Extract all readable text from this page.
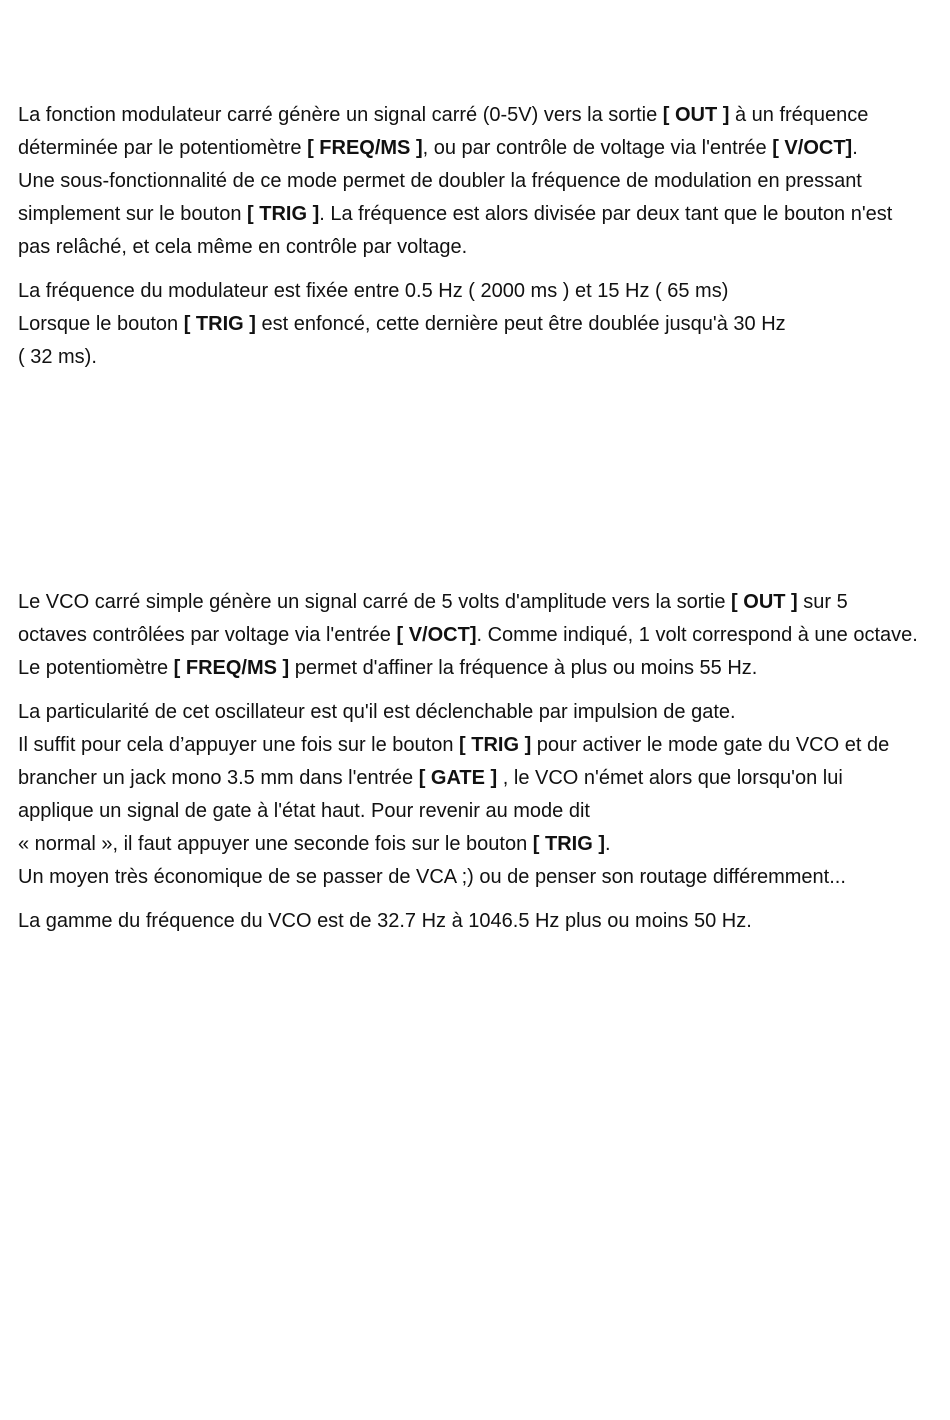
La fonction modulateur carré génère un signal carré (0-5V) vers la sortie [ OUT ] à un fréquence déterminée par le potentiomètre [ FREQ/MS ], ou par contrôle de voltage via l'entrée [ V/OCT].
Une sous-fonctionnalité de ce mode permet de doubler la fréquence de modulation en pressant simplement sur le bouton [ TRIG ]. La fréquence est alors divisée par deux tant que le bouton n'est pas relâché, et cela même en contrôle par voltage.

La fréquence du modulateur est fixée entre 0.5 Hz ( 2000 ms ) et 15 Hz ( 65 ms)
Lorsque le bouton [ TRIG ] est enfoncé, cette dernière peut être doublée jusqu'à 30 Hz
( 32 ms).

Le VCO carré simple génère un signal carré de 5 volts d'amplitude vers la sortie [ OUT ] sur 5 octaves contrôlées par voltage via l'entrée [ V/OCT]. Comme indiqué, 1 volt correspond à une octave. Le potentiomètre [ FREQ/MS ] permet d'affiner la fréquence à plus ou moins 55 Hz.

La particularité de cet oscillateur est qu'il est déclenchable par impulsion de gate.
Il suffit pour cela d’appuyer une fois sur le bouton [ TRIG ] pour activer le mode gate du VCO et de brancher un jack mono 3.5 mm dans l'entrée [ GATE ] , le VCO n'émet alors que lorsqu'on lui applique un signal de gate à l'état haut. Pour revenir au mode dit
« normal », il faut appuyer une seconde fois sur le bouton [ TRIG ].
Un moyen très économique de se passer de VCA ;) ou de penser son routage différemment...

La gamme du fréquence du VCO est de 32.7 Hz à 1046.5 Hz plus ou moins 50 Hz.
